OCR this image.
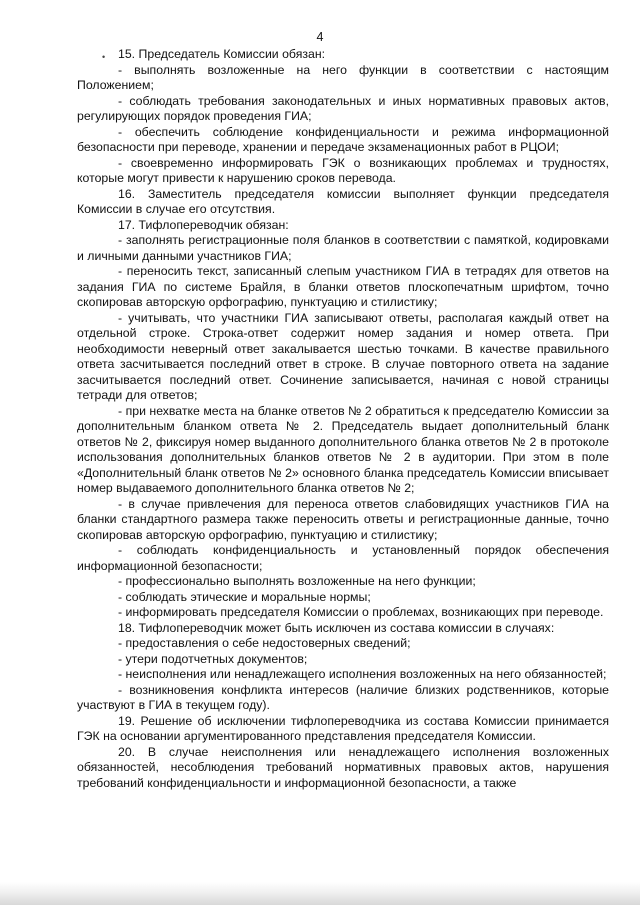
4
•	15. Председатель Комиссии обязан:

- выполнять возложенные на него функции в соответствии с настоящим Положением;

- соблюдать требования законодательных и иных нормативных правовых актов, регулирующих порядок проведения ГИА;

- обеспечить соблюдение конфиденциальности и режима информационной безопасности при переводе, хранении и передаче экзаменационных работ в РЦОИ;

- своевременно информировать ГЭК о возникающих проблемах и трудностях, которые могут привести к нарушению сроков перевода.

16. Заместитель председателя комиссии выполняет функции председателя Комиссии в случае его отсутствия.

17. Тифлопереводчик обязан:

- заполнять регистрационные поля бланков в соответствии с памяткой, кодировками и личными данными участников ГИА;

- переносить текст, записанный слепым участником ГИА в тетрадях для ответов на задания ГИА по системе Брайля, в бланки ответов плоскопечатным шрифтом, точно скопировав авторскую орфографию, пунктуацию и стилистику;

- учитывать, что участники ГИА записывают ответы, располагая каждый ответ на отдельной строке. Строка-ответ содержит номер задания и номер ответа. При необходимости неверный ответ закалывается шестью точками. В качестве правильного ответа засчитывается последний ответ в строке. В случае повторного ответа на задание засчитывается последний ответ. Сочинение записывается, начиная с новой страницы тетради для ответов;

- при нехватке места на бланке ответов № 2 обратиться к председателю Комиссии за дополнительным бланком ответа № 2. Председатель выдает дополнительный бланк ответов № 2, фиксируя номер выданного дополнительного бланка ответов № 2 в протоколе использования дополнительных бланков ответов № 2 в аудитории. При этом в поле «Дополнительный бланк ответов № 2» основного бланка председатель Комиссии вписывает номер выдаваемого дополнительного бланка ответов № 2;

- в случае привлечения для переноса ответов слабовидящих участников ГИА на бланки стандартного размера также переносить ответы и регистрационные данные, точно скопировав авторскую орфографию, пунктуацию и стилистику;

- соблюдать конфиденциальность и установленный порядок обеспечения информационной безопасности;

- профессионально выполнять возложенные на него функции;

- соблюдать этические и моральные нормы;

- информировать председателя Комиссии о проблемах, возникающих при переводе.

18. Тифлопереводчик может быть исключен из состава комиссии в случаях:

- предоставления о себе недостоверных сведений;

- утери подотчетных документов;

- неисполнения или ненадлежащего исполнения возложенных на него обязанностей;

- возникновения конфликта интересов (наличие близких родственников, которые участвуют в ГИА в текущем году).

19. Решение об исключении тифлопереводчика из состава Комиссии принимается ГЭК на основании аргументированного представления председателя Комиссии.

20. В случае неисполнения или ненадлежащего исполнения возложенных обязанностей, несоблюдения требований нормативных правовых актов, нарушения требований конфиденциальности и информационной безопасности, а также
